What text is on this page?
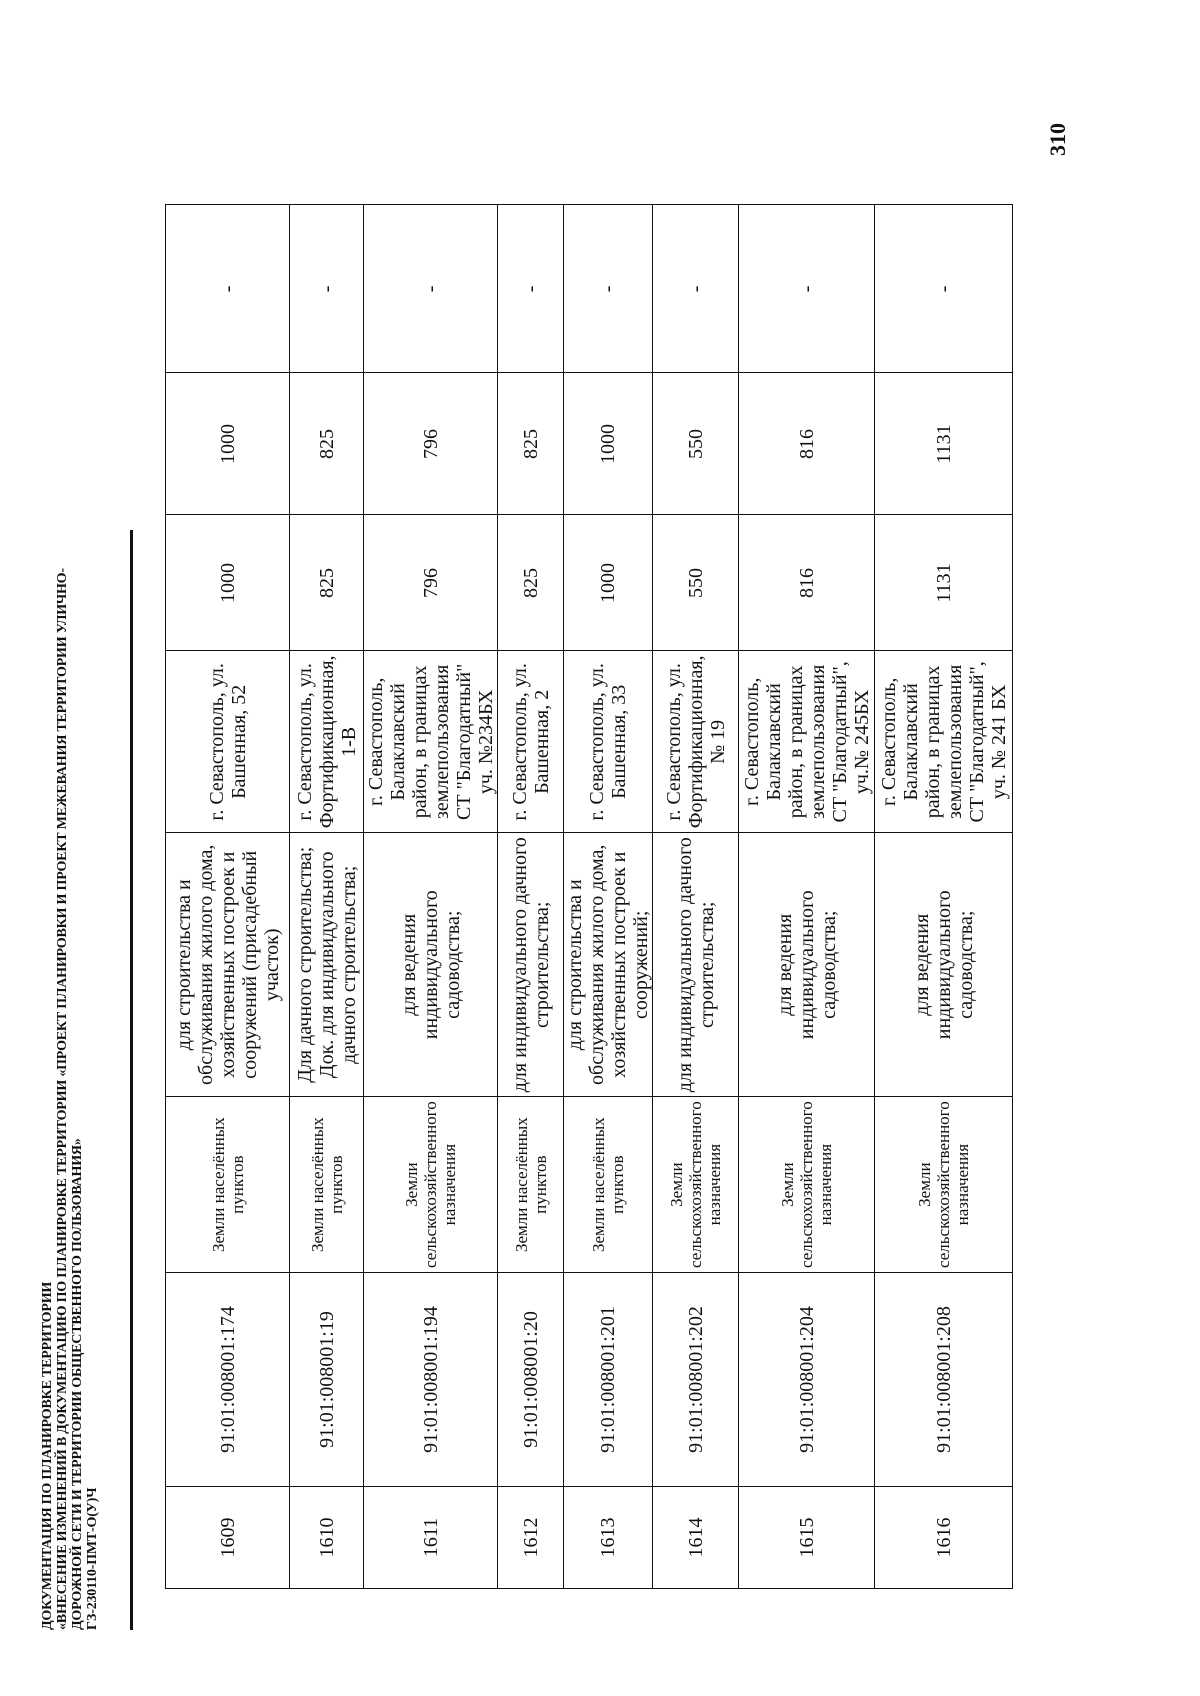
ДОКУМЕНТАЦИЯ ПО ПЛАНИРОВКЕ ТЕРРИТОРИИ «ВНЕСЕНИЕ ИЗМЕНЕНИЙ В ДОКУМЕНТАЦИЮ ПО ПЛАНИРОВКЕ ТЕРРИТОРИИ «ПРОЕКТ ПЛАНИРОВКИ И ПРОЕКТ МЕЖЕВАНИЯ ТЕРРИТОРИИ УЛИЧНО- ДОРОЖНОЙ СЕТИ И ТЕРРИТОРИИ ОБЩЕСТВЕННОГО ПОЛЬЗОВАНИЯ» ГЗ-230110-ПМТ-О(У)Ч
310
1609	91:01:008001:174	Земли населённых пунктов	для строительства и обслуживания жилого дома, хозяйственных построек и сооружений (присадебный участок)	г. Севастополь, ул. Башенная, 52	1000	1000	-
1610	91:01:008001:19	Земли населённых пунктов	Для дачного строительства; Док. для индивидуального дачного строительства;	г. Севастополь, ул. Фортификационная, 1-В	825	825	-
1611	91:01:008001:194	Земли сельскохозяйственного назначения	для ведения индивидуального садоводства;	г. Севастополь, Балаклавский район, в границах землепользования СТ "Благодатный" уч. №234БХ	796	796	-
1612	91:01:008001:20	Земли населённых пунктов	для индивидуального дачного строительства;	г. Севастополь, ул. Башенная, 2	825	825	-
1613	91:01:008001:201	Земли населённых пунктов	для строительства и обслуживания жилого дома, хозяйственных построек и сооружений;	г. Севастополь, ул. Башенная, 33	1000	1000	-
1614	91:01:008001:202	Земли сельскохозяйственного назначения	для индивидуального дачного строительства;	г. Севастополь, ул. Фортификационная, № 19	550	550	-
1615	91:01:008001:204	Земли сельскохозяйственного назначения	для ведения индивидуального садоводства;	г. Севастополь, Балаклавский район, в границах землепользования СТ "Благодатный", уч.№ 245БХ	816	816	-
1616	91:01:008001:208	Земли сельскохозяйственного назначения	для ведения индивидуального садоводства;	г. Севастополь, Балаклавский район, в границах землепользования СТ "Благодатный", уч. № 241 БХ	1131	1131	-
